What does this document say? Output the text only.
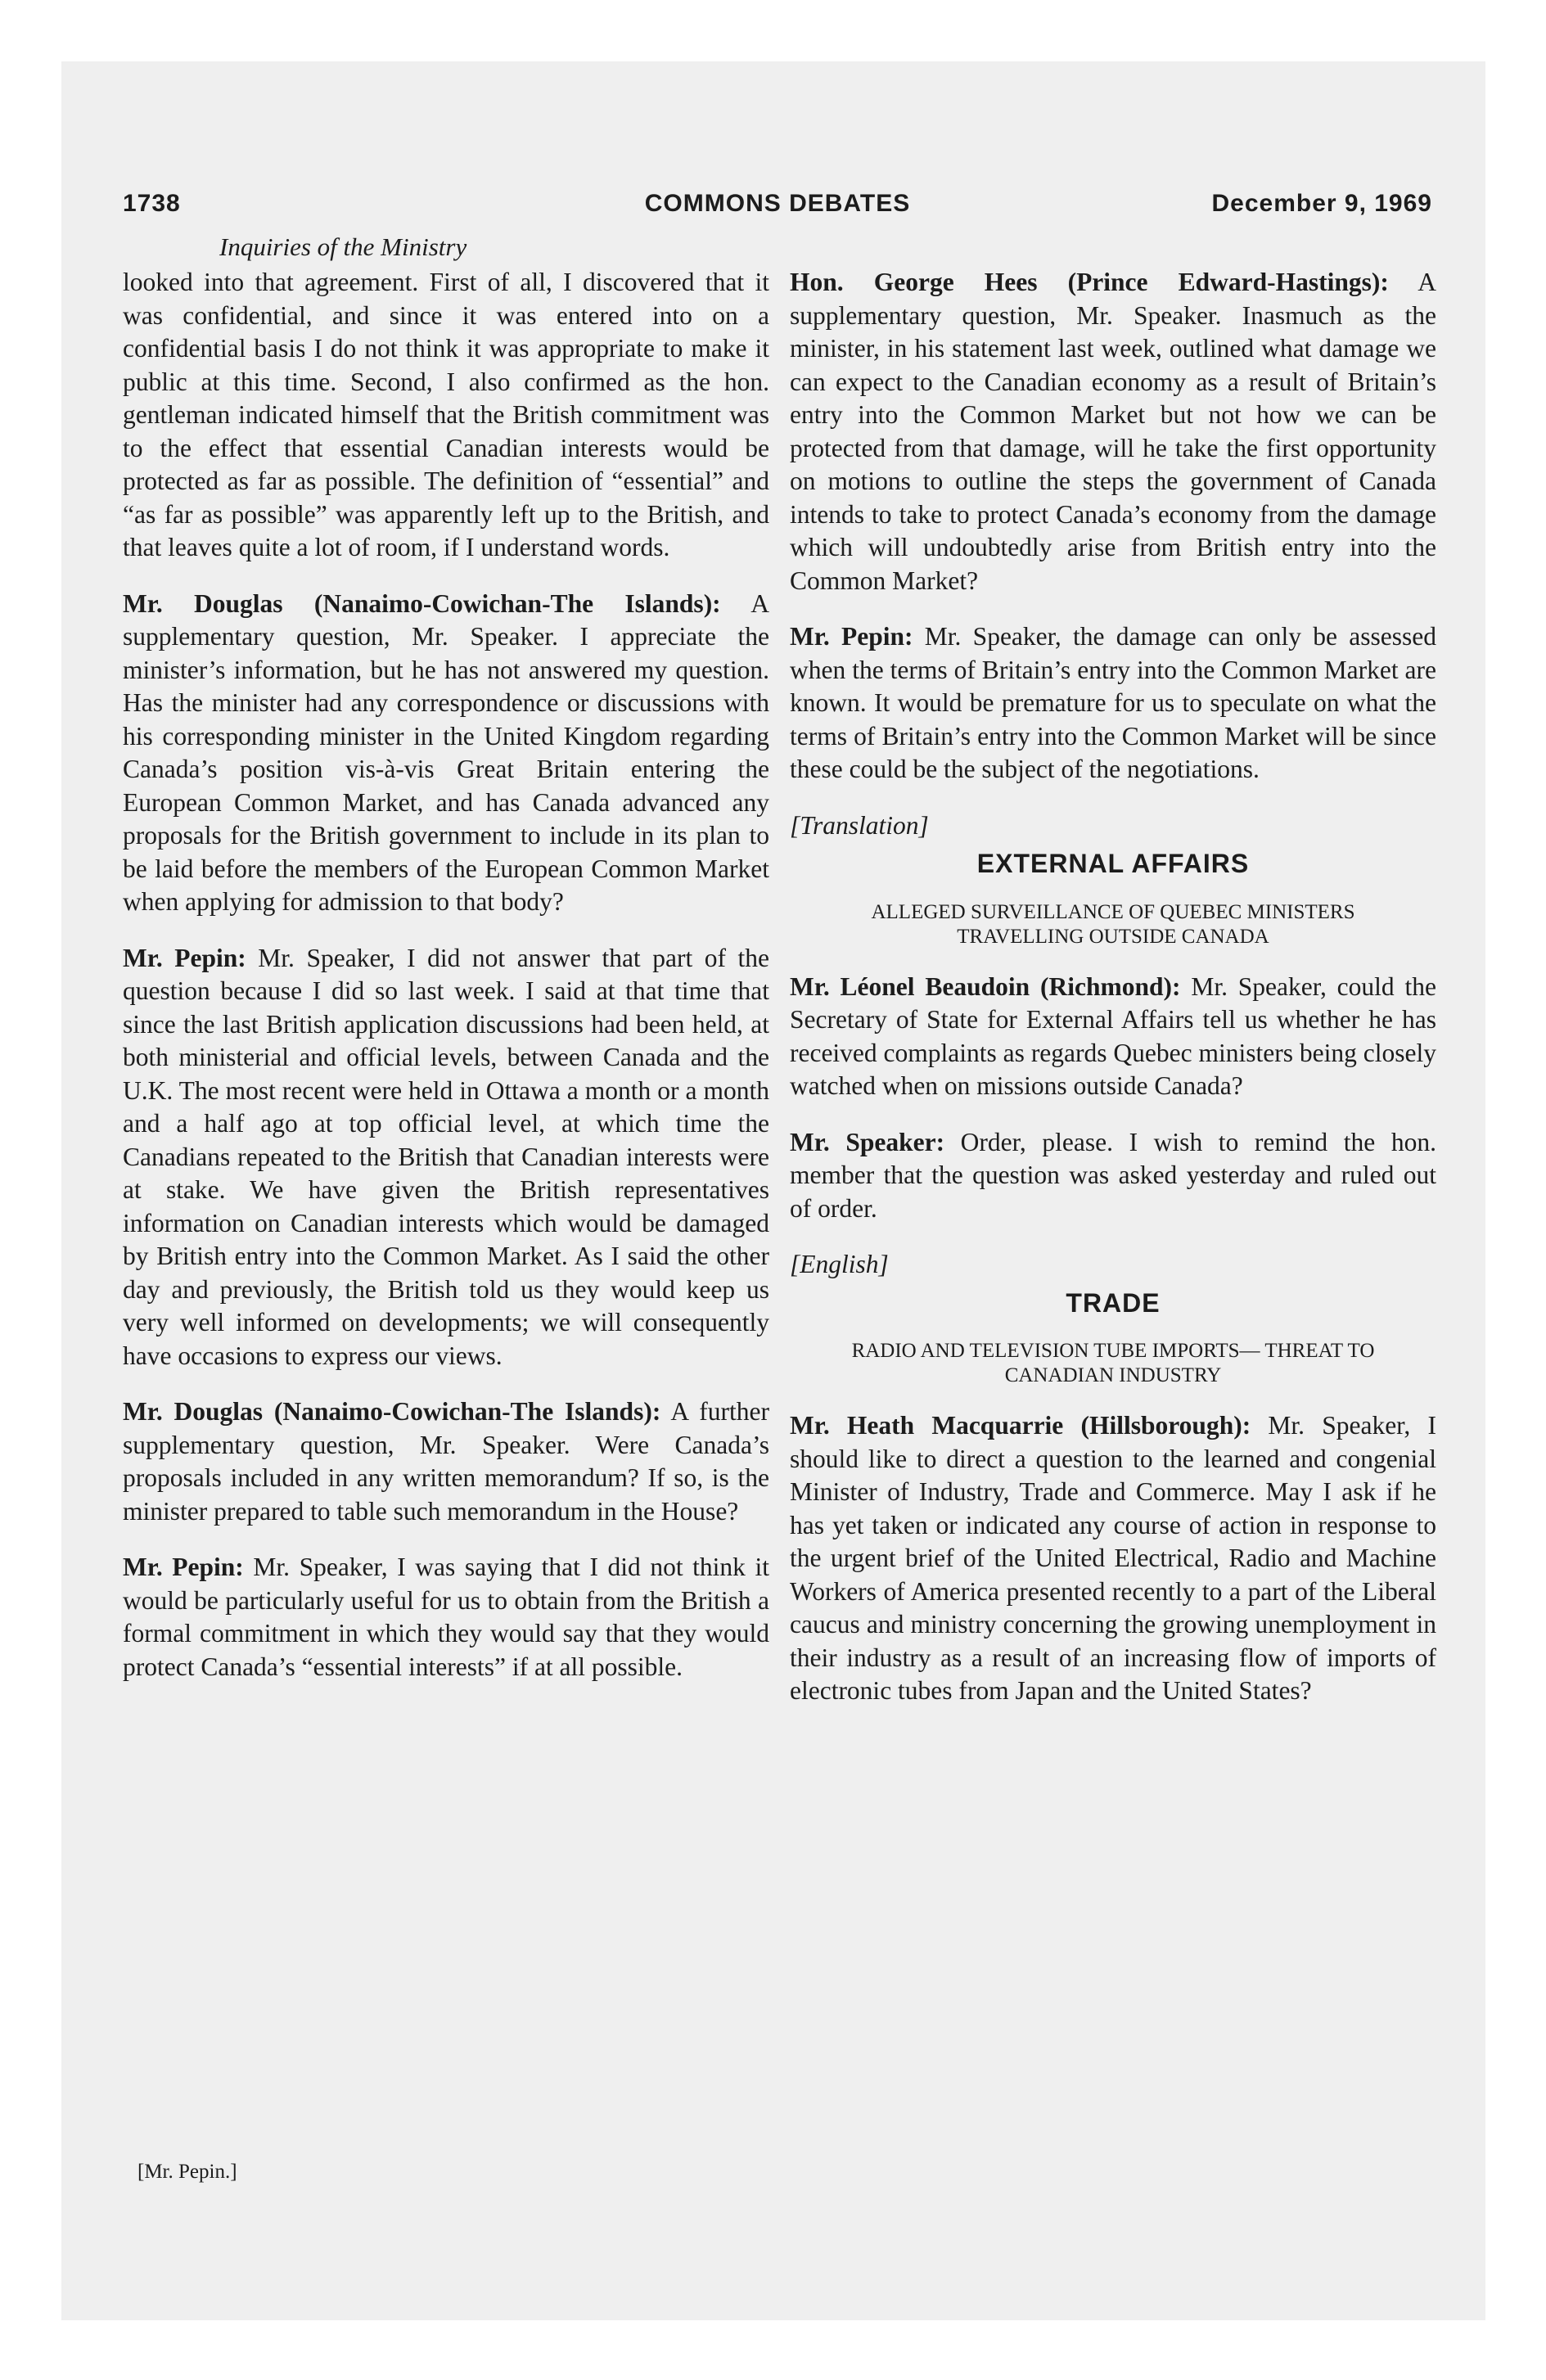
1738	COMMONS DEBATES	December 9, 1969
Inquiries of the Ministry

looked into that agreement. First of all, I discovered that it was confidential, and since it was entered into on a confidential basis I do not think it was appropriate to make it public at this time. Second, I also confirmed as the hon. gentleman indicated himself that the British commitment was to the effect that essential Canadian interests would be protected as far as possible. The definition of “essential” and “as far as possible” was apparently left up to the British, and that leaves quite a lot of room, if I understand words.

Mr. Douglas (Nanaimo-Cowichan-The Islands): A supplementary question, Mr. Speaker. I appreciate the minister’s information, but he has not answered my question. Has the minister had any correspondence or discussions with his corresponding minister in the United Kingdom regarding Canada’s position vis-à-vis Great Britain entering the European Common Market, and has Canada advanced any proposals for the British government to include in its plan to be laid before the members of the European Common Market when applying for admission to that body?

Mr. Pepin: Mr. Speaker, I did not answer that part of the question because I did so last week. I said at that time that since the last British application discussions had been held, at both ministerial and official levels, between Canada and the U.K. The most recent were held in Ottawa a month or a month and a half ago at top official level, at which time the Canadians repeated to the British that Canadian interests were at stake. We have given the British representatives information on Canadian interests which would be damaged by British entry into the Common Market. As I said the other day and previously, the British told us they would keep us very well informed on developments; we will consequently have occasions to express our views.

Mr. Douglas (Nanaimo-Cowichan-The Islands): A further supplementary question, Mr. Speaker. Were Canada’s proposals included in any written memorandum? If so, is the minister prepared to table such memorandum in the House?

Mr. Pepin: Mr. Speaker, I was saying that I did not think it would be particularly useful for us to obtain from the British a formal commitment in which they would say that they would protect Canada’s “essential interests” if at all possible.

[Mr. Pepin.]

Hon. George Hees (Prince Edward-Hastings): A supplementary question, Mr. Speaker. Inasmuch as the minister, in his statement last week, outlined what damage we can expect to the Canadian economy as a result of Britain’s entry into the Common Market but not how we can be protected from that damage, will he take the first opportunity on motions to outline the steps the government of Canada intends to take to protect Canada’s economy from the damage which will undoubtedly arise from British entry into the Common Market?

Mr. Pepin: Mr. Speaker, the damage can only be assessed when the terms of Britain’s entry into the Common Market are known. It would be premature for us to speculate on what the terms of Britain’s entry into the Common Market will be since these could be the subject of the negotiations.

[Translation]

EXTERNAL AFFAIRS

ALLEGED SURVEILLANCE OF QUEBEC MINISTERS TRAVELLING OUTSIDE CANADA

Mr. Léonel Beaudoin (Richmond): Mr. Speaker, could the Secretary of State for External Affairs tell us whether he has received complaints as regards Quebec ministers being closely watched when on missions outside Canada?

Mr. Speaker: Order, please. I wish to remind the hon. member that the question was asked yesterday and ruled out of order.

[English]

TRADE

RADIO AND TELEVISION TUBE IMPORTS— THREAT TO CANADIAN INDUSTRY

Mr. Heath Macquarrie (Hillsborough): Mr. Speaker, I should like to direct a question to the learned and congenial Minister of Industry, Trade and Commerce. May I ask if he has yet taken or indicated any course of action in response to the urgent brief of the United Electrical, Radio and Machine Workers of America presented recently to a part of the Liberal caucus and ministry concerning the growing unemployment in their industry as a result of an increasing flow of imports of electronic tubes from Japan and the United States?
